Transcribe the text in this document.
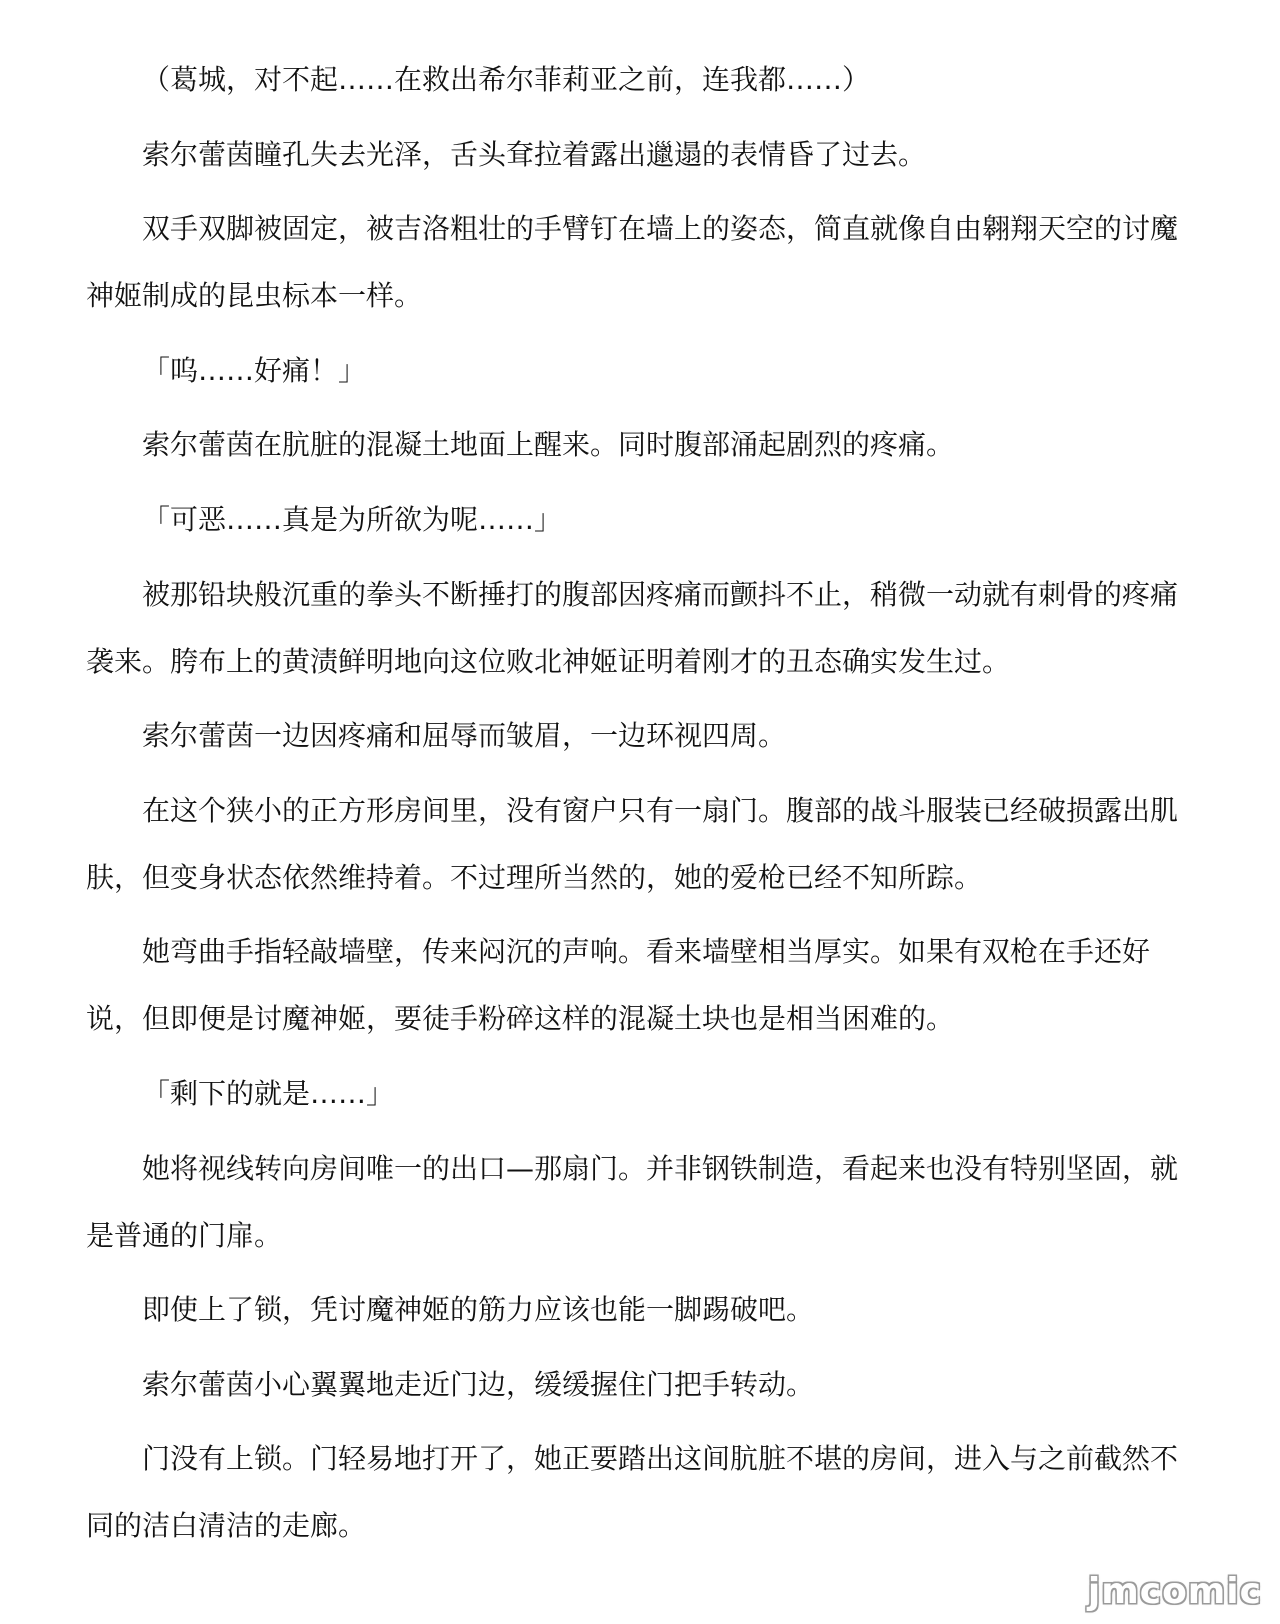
（葛城，对不起……在救出希尔菲莉亚之前，连我都……）

索尔蕾茵瞳孔失去光泽，舌头耷拉着露出邋遢的表情昏了过去。

双手双脚被固定，被吉洛粗壮的手臂钉在墙上的姿态，简直就像自由翱翔天空的讨魔神姬制成的昆虫标本一样。

「呜……好痛！」

索尔蕾茵在肮脏的混凝土地面上醒来。同时腹部涌起剧烈的疼痛。

「可恶……真是为所欲为呢……」

被那铅块般沉重的拳头不断捶打的腹部因疼痛而颤抖不止，稍微一动就有刺骨的疼痛袭来。胯布上的黄渍鲜明地向这位败北神姬证明着刚才的丑态确实发生过。

索尔蕾茵一边因疼痛和屈辱而皱眉，一边环视四周。

在这个狭小的正方形房间里，没有窗户只有一扇门。腹部的战斗服装已经破损露出肌肤，但变身状态依然维持着。不过理所当然的，她的爱枪已经不知所踪。

她弯曲手指轻敲墙壁，传来闷沉的声响。看来墙壁相当厚实。如果有双枪在手还好说，但即便是讨魔神姬，要徒手粉碎这样的混凝土块也是相当困难的。

「剩下的就是……」

她将视线转向房间唯一的出口—那扇门。并非钢铁制造，看起来也没有特别坚固，就是普通的门扉。

即使上了锁，凭讨魔神姬的筋力应该也能一脚踢破吧。

索尔蕾茵小心翼翼地走近门边，缓缓握住门把手转动。

门没有上锁。门轻易地打开了，她正要踏出这间肮脏不堪的房间，进入与之前截然不同的洁白清洁的走廊。

jmcomic
